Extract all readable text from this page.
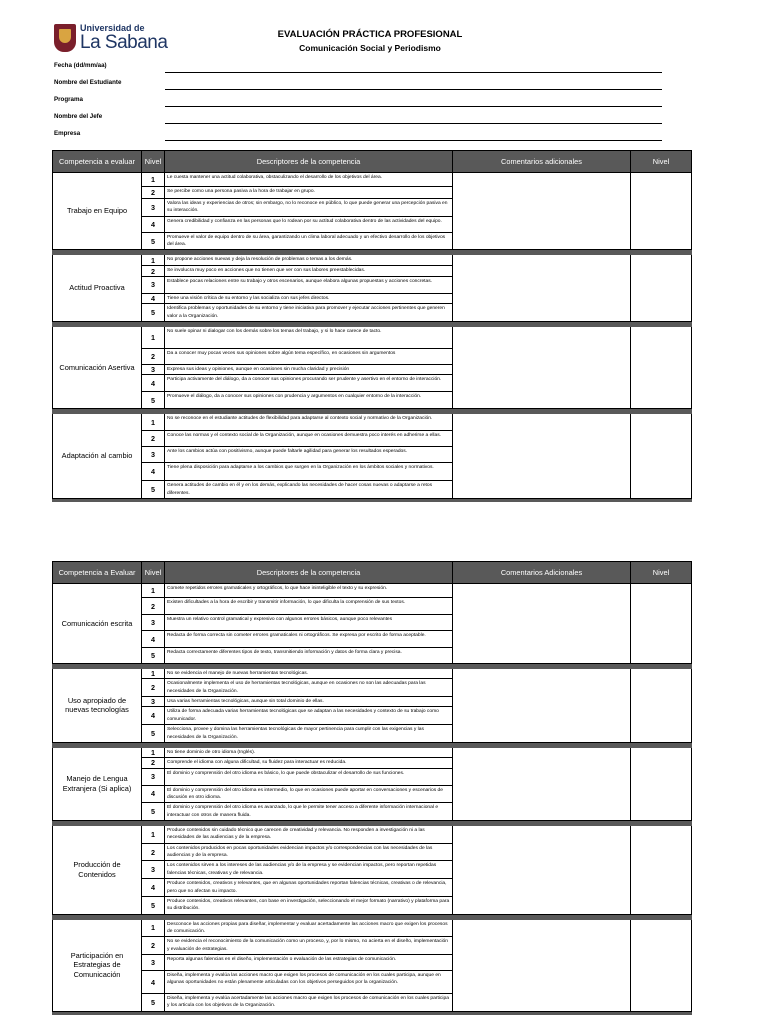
Universidad de
La Sabana	EVALUACIÓN PRÁCTICA PROFESIONAL
Comunicación Social y Periodismo
Fecha (dd/mm/aa)
Nombre del Estudiante
Programa
Nombre del Jefe
Empresa
Competencia a evaluar	Nivel	Descriptores de la competencia	Comentarios adicionales	Nivel
Trabajo en Equipo	1	Le cuesta mantener una actitud colaborativa, obstaculizando el desarrollo de los objetivos del área.		
	2	Se percibe como una persona pasiva a la hora de trabajar en grupo.		
	3	Valora las ideas y experiencias de otros; sin embargo, no lo reconoce en público, lo que puede generar una percepción pasiva en su interacción.		
	4	Genera credibilidad y confianza en las personas que lo rodean por su actitud colaborativa dentro de las actividades del equipo.		
	5	Promueve el valor de equipo dentro de su área, garantizando un clima laboral adecuado y un efectivo desarrollo de los objetivos del área.		

Actitud Proactiva	1	No propone acciones nuevas y deja la resolución de problemas o temas a los demás.		
	2	Se involucra muy poco en acciones que no tienen que ver con sus labores preestablecidas.		
	3	Establece pocas relaciones entre su trabajo y otros escenarios, aunque elabora algunas propuestas y acciones concretas.		
	4	Tiene una visión crítica de su entorno y las socializa con sus jefes directos.		
	5	Identifica problemas y oportunidades de su entorno y tiene iniciativa para promover y ejecutar acciones pertinentes que generen valor a la Organización.		

Comunicación Asertiva	1	No suele opinar ni dialogar con los demás sobre los temas del trabajo, y si lo hace carece de tacto.		
	2	Da a conocer muy pocas veces sus opiniones sobre algún tema específico, en ocasiones sin argumentos		
	3	Expresa sus ideas y opiniones, aunque en ocasiones sin mucha claridad y precisión		
	4	Participa activamente del diálogo, da a conocer sus opiniones procurando ser prudente y asertivo en el entorno de interacción.		
	5	Promueve el diálogo, da a conocer sus opiniones con prudencia y argumentos en cualquier entorno de la interacción.		

Adaptación al cambio	1	No se reconoce en el estudiante actitudes de flexibilidad para adaptarse al contexto social y normativo de la Organización.		
	2	Conoce las normas y el contexto social de la Organización, aunque en ocasiones demuestra poco interés en adherirse a ellas.		
	3	Ante los cambios actúa con positivismo, aunque puede faltarle agilidad para generar los resultados esperados.		
	4	Tiene plena disposición para adaptarse a los cambios que surgen en la Organización en los ámbitos sociales y normativos.		
	5	Genera actitudes de cambio en él y en los demás, explicando las necesidades de hacer cosas nuevas o adaptarse a retos diferentes.		

Competencia a Evaluar	Nivel	Descriptores de la competencia	Comentarios Adicionales	Nivel
Comunicación escrita	1	Comete repetidos errores gramaticales y ortográficos, lo que hace ininteligible el texto y su expresión.		
	2	Existen dificultades a la hora de escribir y transmitir información, lo que dificulta la comprensión de sus textos.		
	3	Muestra un relativo control gramatical y expresivo con algunos errores básicos, aunque poco relevantes		
	4	Redacta de forma correcta sin cometer errores gramaticales ni ortográficos. Se expresa por escrito de forma aceptable.		
	5	Redacta correctamente diferentes tipos de texto, transmitiendo información y datos de forma clara y precisa.		

Uso apropiado de nuevas tecnologías	1	No se evidencia el manejo de nuevas herramientas tecnológicas.		
	2	Ocasionalmente implementa el uso de herramientas tecnológicas, aunque en ocasiones no son las adecuadas para las necesidades de la Organización.		
	3	Usa varias herramientas tecnológicas, aunque sin total dominio de ellas.		
	4	Utiliza de forma adecuada varias herramientas tecnológicas que se adaptan a las necesidades y contexto de su trabajo como comunicador.		
	5	Selecciona, provee y domina las herramientas tecnológicas de mayor pertinencia para cumplir con las exigencias y las necesidades de la Organización.		

Manejo de Lengua Extranjera (Si aplica)	1	No tiene dominio de otro idioma (Inglés).		
	2	Comprende el idioma con alguna dificultad, su fluidez para interactuar es reducida.		
	3	El dominio y comprensión del otro idioma es básico, lo que puede obstaculizar el desarrollo de sus funciones.		
	4	El dominio y comprensión del otro idioma es intermedio, lo que en ocasiones puede aportar en conversaciones y escenarios de discusión en otro idioma.		
	5	El dominio y comprensión del otro idioma es avanzado, lo que le permite tener acceso a diferente información internacional e interactuar con otros de manera fluida.		

Producción de Contenidos	1	Produce contenidos sin cuidado técnico que carecen de creatividad y relevancia. No responden a investigación ni a las necesidades de las audiencias y de la empresa.		
	2	Los contenidos producidos en pocas oportunidades evidencian impactos y/o correspondencias con las necesidades de las audiencias y de la empresa.		
	3	Los contenidos sirven a los intereses de las audiencias y/o de la empresa y se evidencian impactos, pero reportan repetidas falencias técnicas, creativas y de relevancia.		
	4	Produce contenidos, creativos y relevantes, que en algunas oportunidades reportan falencias técnicas, creativas o de relevancia, pero que no afectan su impacto.		
	5	Produce contenidos, creativos relevantes, con base en investigación, seleccionando el mejor formato (narrativo) y plataforma para su distribución.		

Participación en Estrategias de Comunicación	1	Desconoce las acciones propias para diseñar, implementar y evaluar acertadamente las acciones macro que exigen los procesos de comunicación.		
	2	No se evidencia el reconocimiento de la comunicación como un proceso, y, por lo mismo, no acierta en el diseño, implementación y evaluación de estrategias.		
	3	Reporta algunas falencias en el diseño, implementación o evaluación de las estrategias de comunicación.		
	4	Diseña, implementa y evalúa las acciones macro que exigen los procesos de comunicación en los cuales participa, aunque en algunas oportunidades no están plenamente articuladas con los objetivos perseguidos por la organización.		
	5	Diseña, implementa y evalúa acertadamente las acciones macro que exigen los procesos de comunicación en los cuales participa y los articula con los objetivos de la Organización.		
